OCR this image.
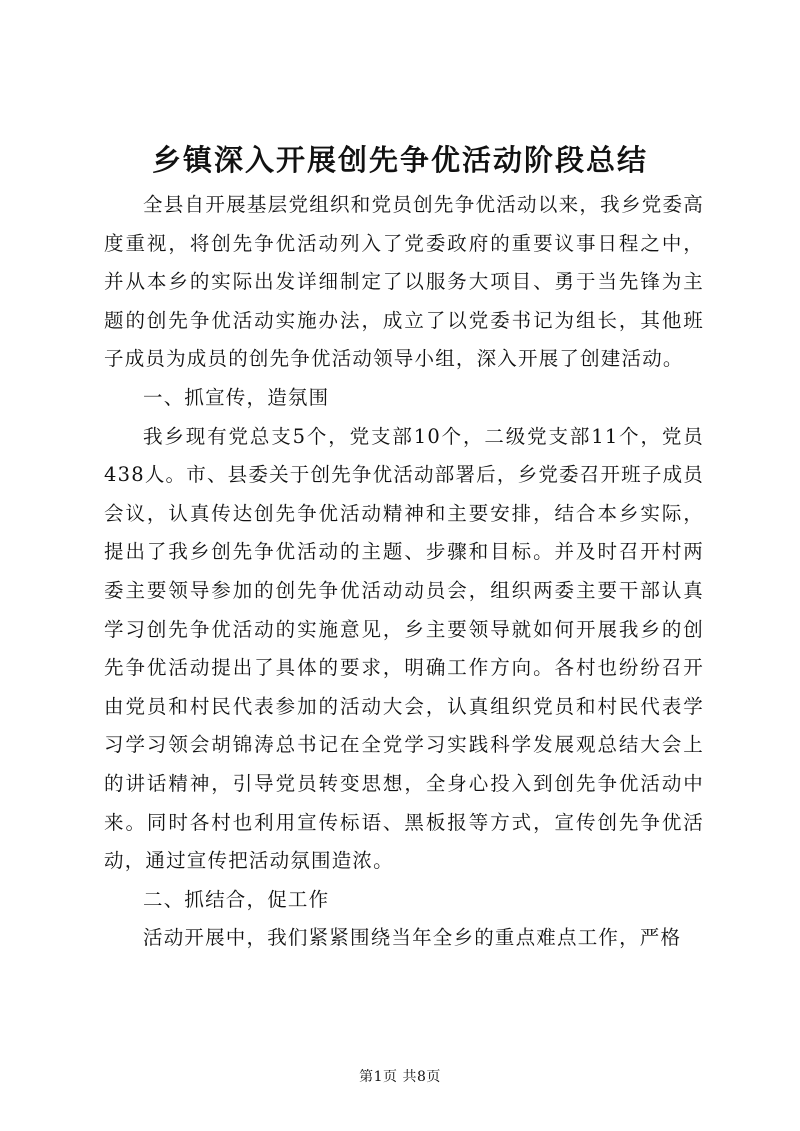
乡镇深入开展创先争优活动阶段总结

全县自开展基层党组织和党员创先争优活动以来，我乡党委高度重视，将创先争优活动列入了党委政府的重要议事日程之中，并从本乡的实际出发详细制定了以服务大项目、勇于当先锋为主题的创先争优活动实施办法，成立了以党委书记为组长，其他班子成员为成员的创先争优活动领导小组，深入开展了创建活动。

一、抓宣传，造氛围

我乡现有党总支5个，党支部10个，二级党支部11个，党员438人。市、县委关于创先争优活动部署后，乡党委召开班子成员会议，认真传达创先争优活动精神和主要安排，结合本乡实际，提出了我乡创先争优活动的主题、步骤和目标。并及时召开村两委主要领导参加的创先争优活动动员会，组织两委主要干部认真学习创先争优活动的实施意见，乡主要领导就如何开展我乡的创先争优活动提出了具体的要求，明确工作方向。各村也纷纷召开由党员和村民代表参加的活动大会，认真组织党员和村民代表学习学习领会胡锦涛总书记在全党学习实践科学发展观总结大会上的讲话精神，引导党员转变思想，全身心投入到创先争优活动中来。同时各村也利用宣传标语、黑板报等方式，宣传创先争优活动，通过宣传把活动氛围造浓。

二、抓结合，促工作

活动开展中，我们紧紧围绕当年全乡的重点难点工作，严格

第1页 共8页
